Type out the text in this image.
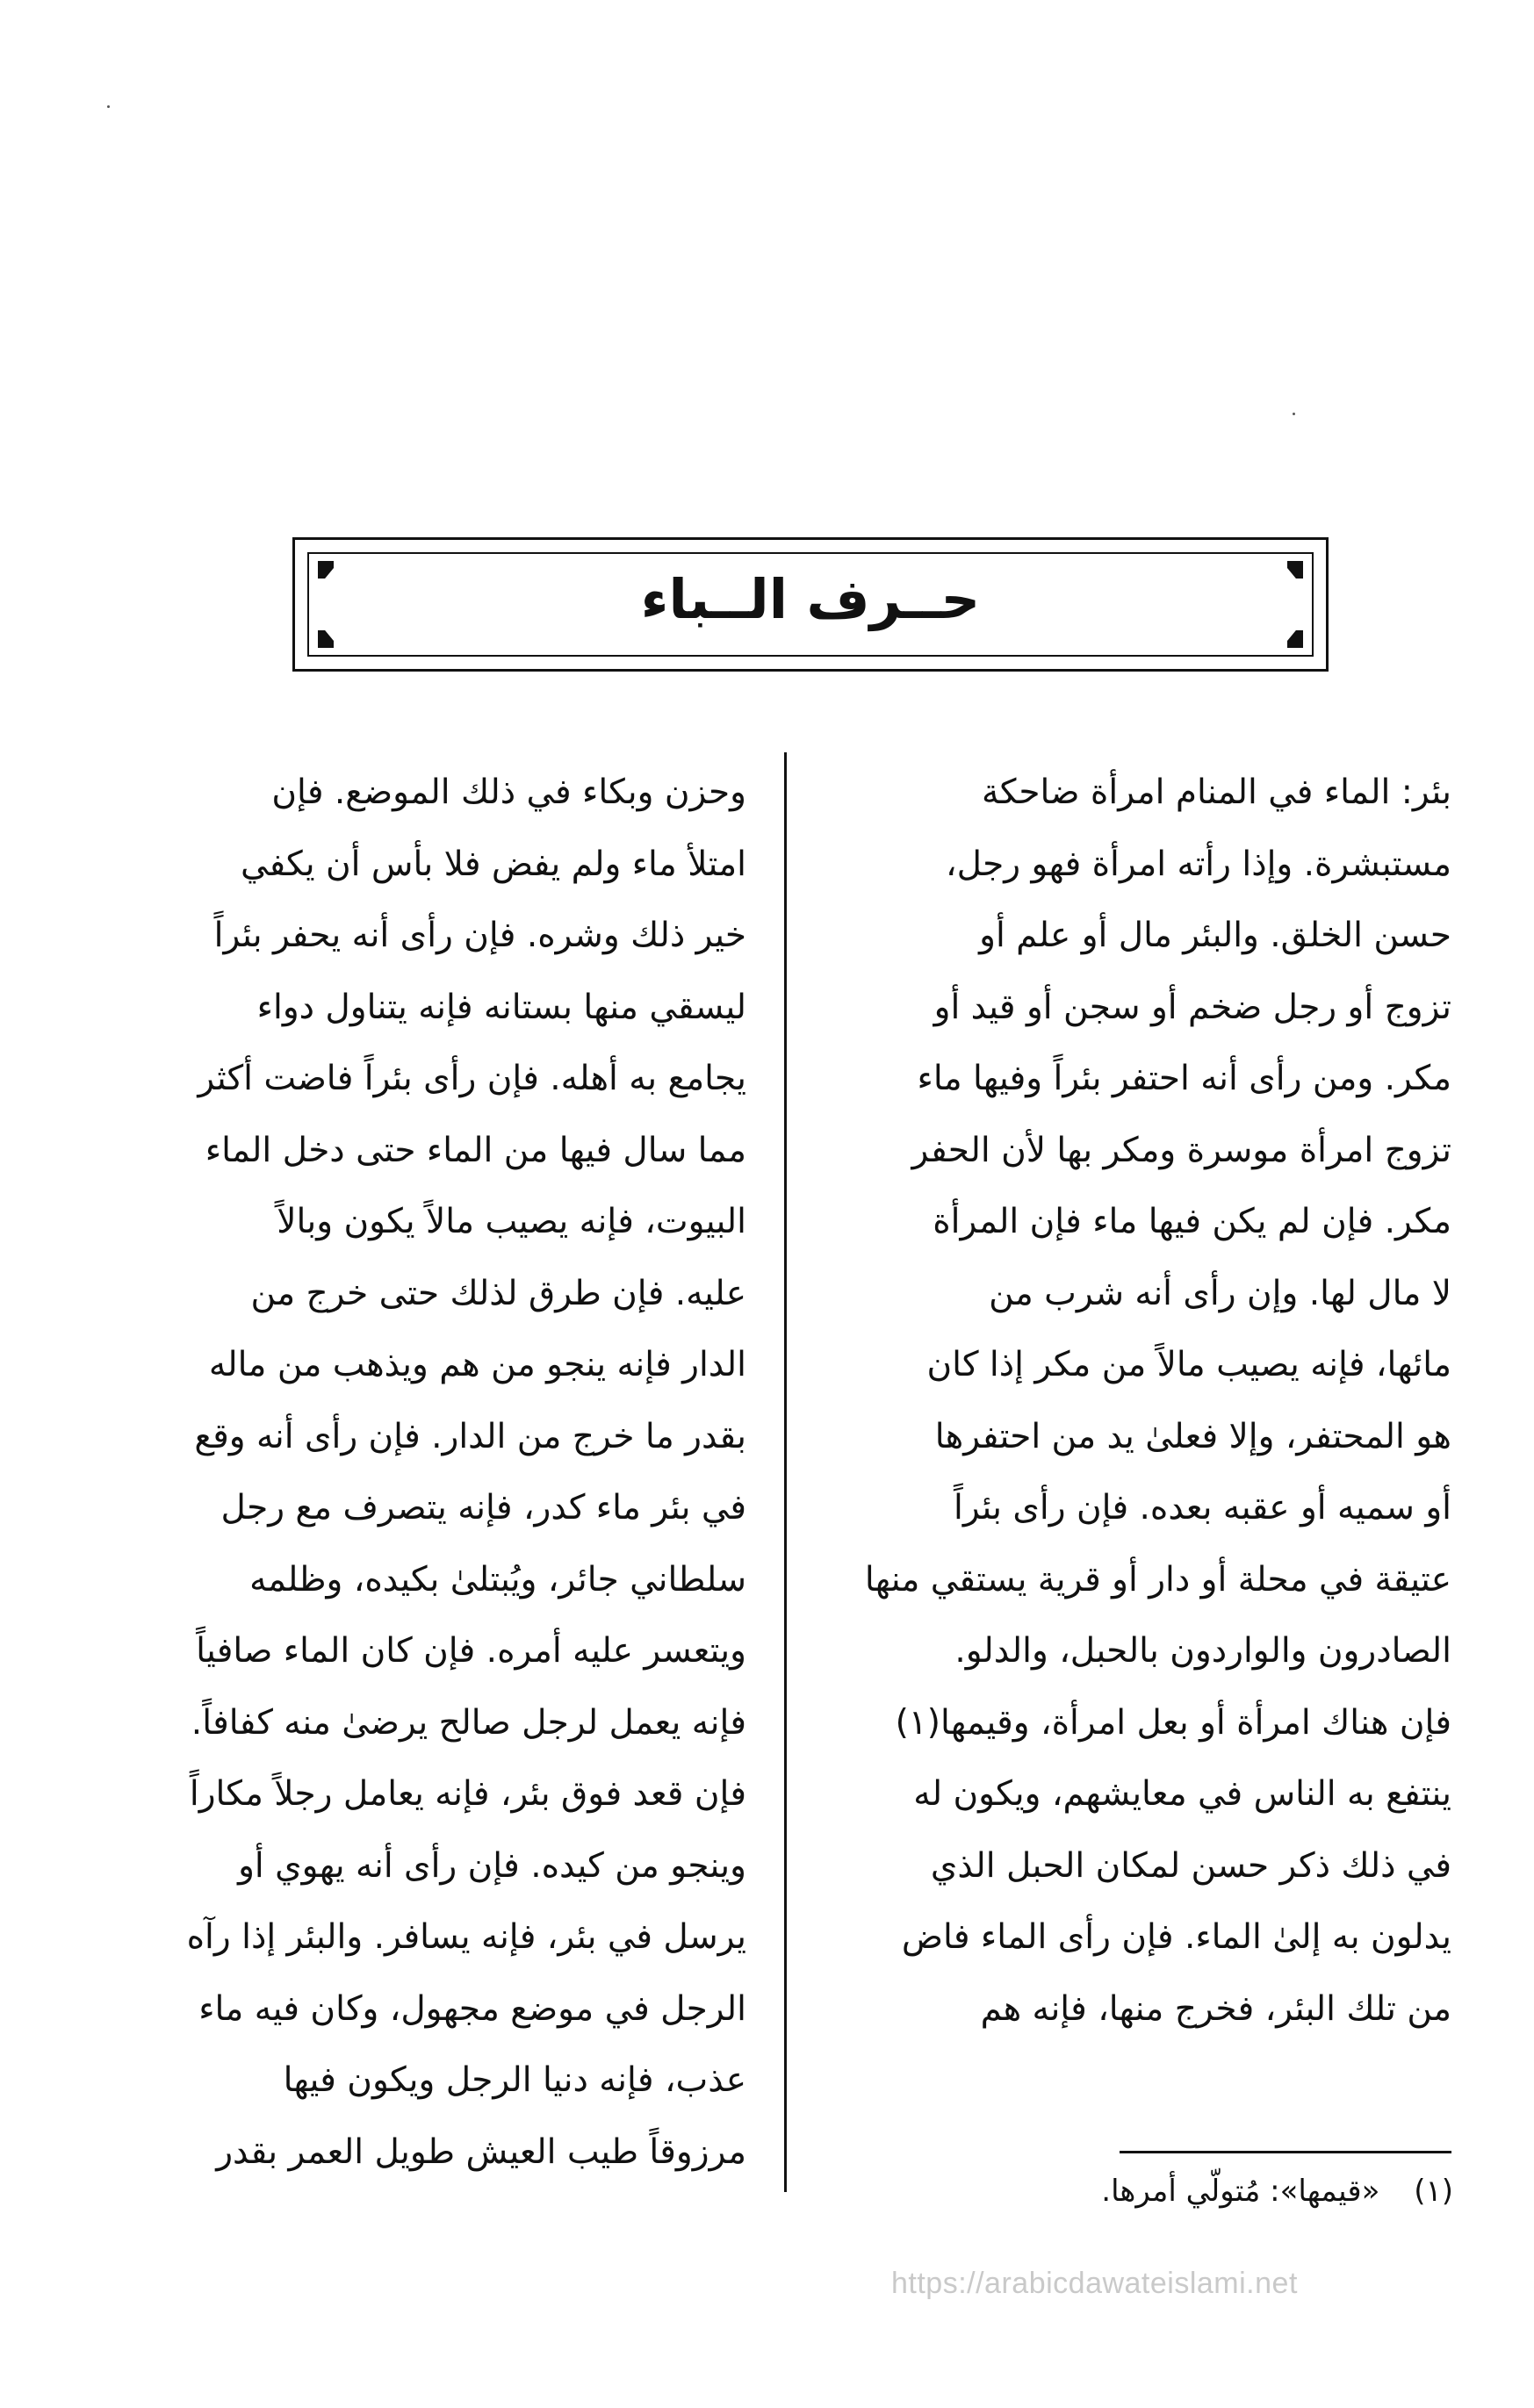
حــرف الــباء
بئر: الماء في المنام امرأة ضاحكة
مستبشرة. وإذا رأته امرأة فهو رجل،
حسن الخلق. والبئر مال أو علم أو
تزوج أو رجل ضخم أو سجن أو قيد أو
مكر. ومن رأى أنه احتفر بئراً وفيها ماء
تزوج امرأة موسرة ومكر بها لأن الحفر
مكر. فإن لم يكن فيها ماء فإن المرأة
لا مال لها. وإن رأى أنه شرب من
مائها، فإنه يصيب مالاً من مكر إذا كان
هو المحتفر، وإلا فعلىٰ يد من احتفرها
أو سميه أو عقبه بعده. فإن رأى بئراً
عتيقة في محلة أو دار أو قرية يستقي منها
الصادرون والواردون بالحبل، والدلو.
فإن هناك امرأة أو بعل امرأة، وقيمها(١)
ينتفع به الناس في معايشهم، ويكون له
في ذلك ذكر حسن لمكان الحبل الذي
يدلون به إلىٰ الماء. فإن رأى الماء فاض
من تلك البئر، فخرج منها، فإنه هم
وحزن وبكاء في ذلك الموضع. فإن
امتلأ ماء ولم يفض فلا بأس أن يكفي
خير ذلك وشره. فإن رأى أنه يحفر بئراً
ليسقي منها بستانه فإنه يتناول دواء
يجامع به أهله. فإن رأى بئراً فاضت أكثر
مما سال فيها من الماء حتى دخل الماء
البيوت، فإنه يصيب مالاً يكون وبالاً
عليه. فإن طرق لذلك حتى خرج من
الدار فإنه ينجو من هم ويذهب من ماله
بقدر ما خرج من الدار. فإن رأى أنه وقع
في بئر ماء كدر، فإنه يتصرف مع رجل
سلطاني جائر، ويُبتلىٰ بكيده، وظلمه
ويتعسر عليه أمره. فإن كان الماء صافياً
فإنه يعمل لرجل صالح يرضىٰ منه كفافاً.
فإن قعد فوق بئر، فإنه يعامل رجلاً مكاراً
وينجو من كيده. فإن رأى أنه يهوي أو
يرسل في بئر، فإنه يسافر. والبئر إذا رآه
الرجل في موضع مجهول، وكان فيه ماء
عذب، فإنه دنيا الرجل ويكون فيها
مرزوقاً طيب العيش طويل العمر بقدر
(١) «قيمها»: مُتولّي أمرها.
https://arabicdawateislami.net
